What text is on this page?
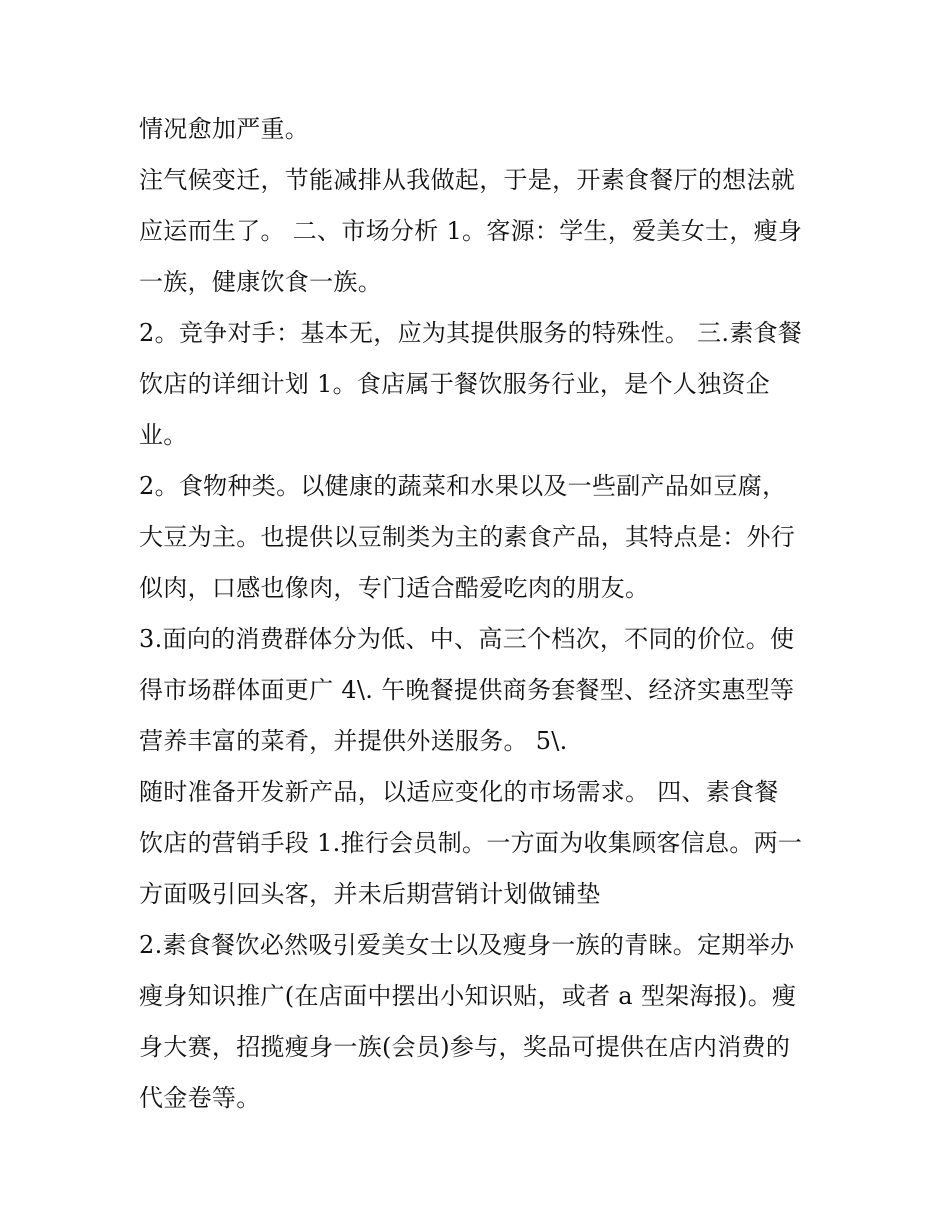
情况愈加严重。
注气候变迁，节能减排从我做起，于是，开素食餐厅的想法就
应运而生了。 二、市场分析 1。客源：学生，爱美女士，瘦身
一族，健康饮食一族。
2。竞争对手：基本无，应为其提供服务的特殊性。 三.素食餐
饮店的详细计划 1。食店属于餐饮服务行业，是个人独资企
业。
2。食物种类。以健康的蔬菜和水果以及一些副产品如豆腐，
大豆为主。也提供以豆制类为主的素食产品，其特点是：外行
似肉，口感也像肉，专门适合酷爱吃肉的朋友。
3.面向的消费群体分为低、中、高三个档次，不同的价位。使
得市场群体面更广 4\. 午晚餐提供商务套餐型、经济实惠型等
营养丰富的菜肴，并提供外送服务。 5\.
随时准备开发新产品，以适应变化的市场需求。 四、素食餐
饮店的营销手段 1.推行会员制。一方面为收集顾客信息。两一
方面吸引回头客，并未后期营销计划做铺垫
2.素食餐饮必然吸引爱美女士以及瘦身一族的青睐。定期举办
瘦身知识推广(在店面中摆出小知识贴，或者 a 型架海报)。瘦
身大赛，招揽瘦身一族(会员)参与，奖品可提供在店内消费的
代金卷等。
